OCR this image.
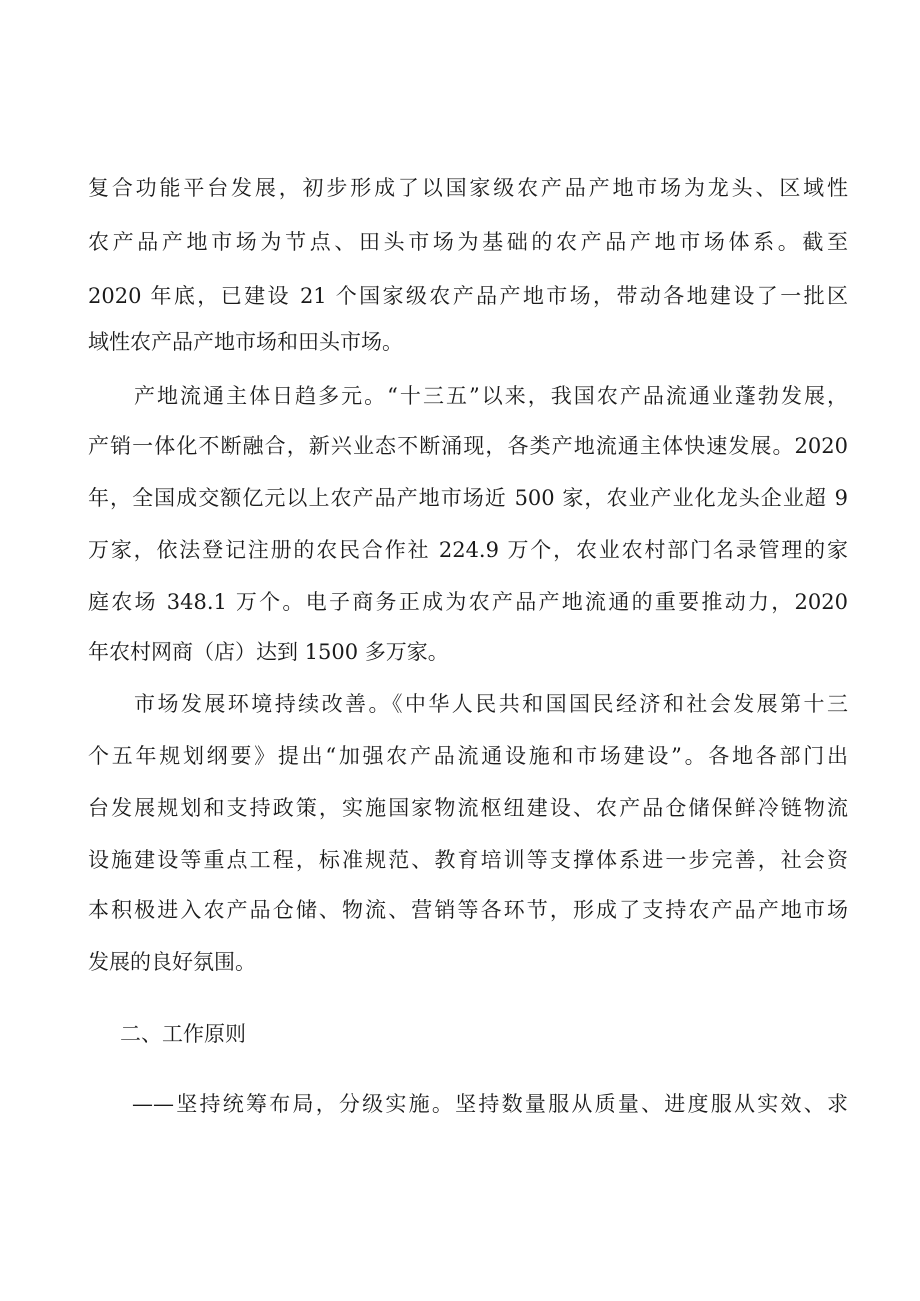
复合功能平台发展，初步形成了以国家级农产品产地市场为龙头、区域性
农产品产地市场为节点、田头市场为基础的农产品产地市场体系。截至
2020 年底，已建设 21 个国家级农产品产地市场，带动各地建设了一批区
域性农产品产地市场和田头市场。
产地流通主体日趋多元。“十三五”以来，我国农产品流通业蓬勃发展，
产销一体化不断融合，新兴业态不断涌现，各类产地流通主体快速发展。2020
年，全国成交额亿元以上农产品产地市场近 500 家，农业产业化龙头企业超 9
万家，依法登记注册的农民合作社 224.9 万个，农业农村部门名录管理的家
庭农场 348.1 万个。电子商务正成为农产品产地流通的重要推动力，2020
年农村网商（店）达到 1500 多万家。
市场发展环境持续改善。《中华人民共和国国民经济和社会发展第十三
个五年规划纲要》提出“加强农产品流通设施和市场建设”。各地各部门出
台发展规划和支持政策，实施国家物流枢纽建设、农产品仓储保鲜冷链物流
设施建设等重点工程，标准规范、教育培训等支撑体系进一步完善，社会资
本积极进入农产品仓储、物流、营销等各环节，形成了支持农产品产地市场
发展的良好氛围。
二、工作原则
——坚持统筹布局，分级实施。坚持数量服从质量、进度服从实效、求
